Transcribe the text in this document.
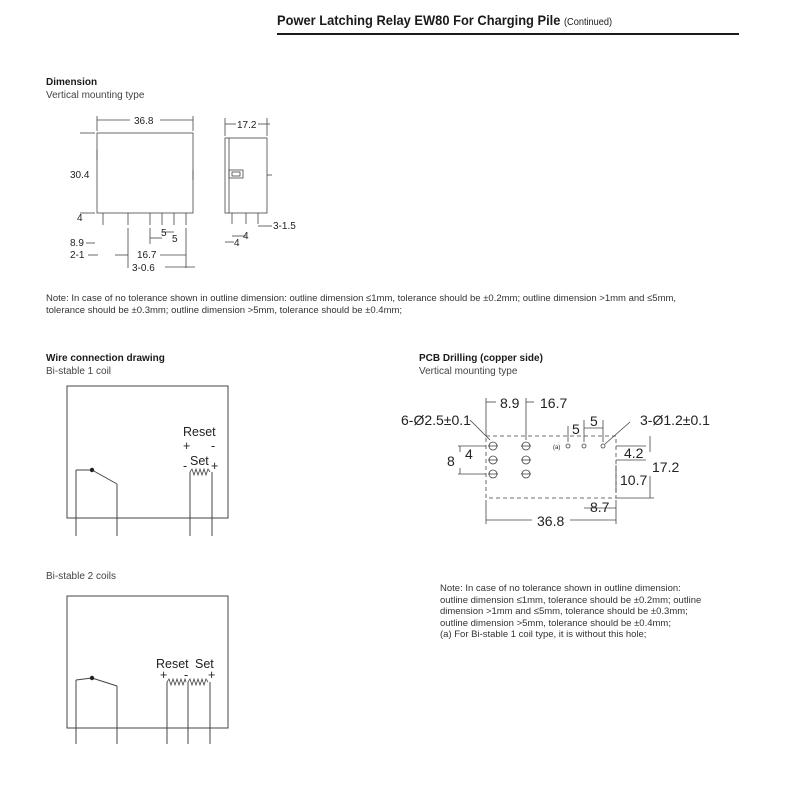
Power Latching Relay EW80 For Charging Pile (Continued)
Dimension
Vertical mounting type
36.8
30.4
4
8.9
2-1	16.7
5
5
3-0.6
17.2
3-1.5
4
4
Note: In case of no tolerance shown in outline dimension: outline dimension ≤1mm, tolerance should be ±0.2mm; outline dimension >1mm and ≤5mm,
tolerance should be ±0.3mm; outline dimension >5mm, tolerance should be ±0.4mm;
Wire connection drawing
Bi-stable 1 coil
Reset
+ -
Set
- +
PCB Drilling (copper side)
Vertical mounting type
6-Ø2.5±0.1	3-Ø1.2±0.1
8.9 16.7
5 5
8 4	4.2
17.2
10.7
8.7
36.8
(a)
Bi-stable 2 coils
Reset Set
+ - +
Note: In case of no tolerance shown in outline dimension:
outline dimension ≤1mm, tolerance should be ±0.2mm; outline
dimension >1mm and ≤5mm, tolerance should be ±0.3mm;
outline dimension >5mm, tolerance should be ±0.4mm;
(a) For Bi-stable 1 coil type, it is without this hole;
